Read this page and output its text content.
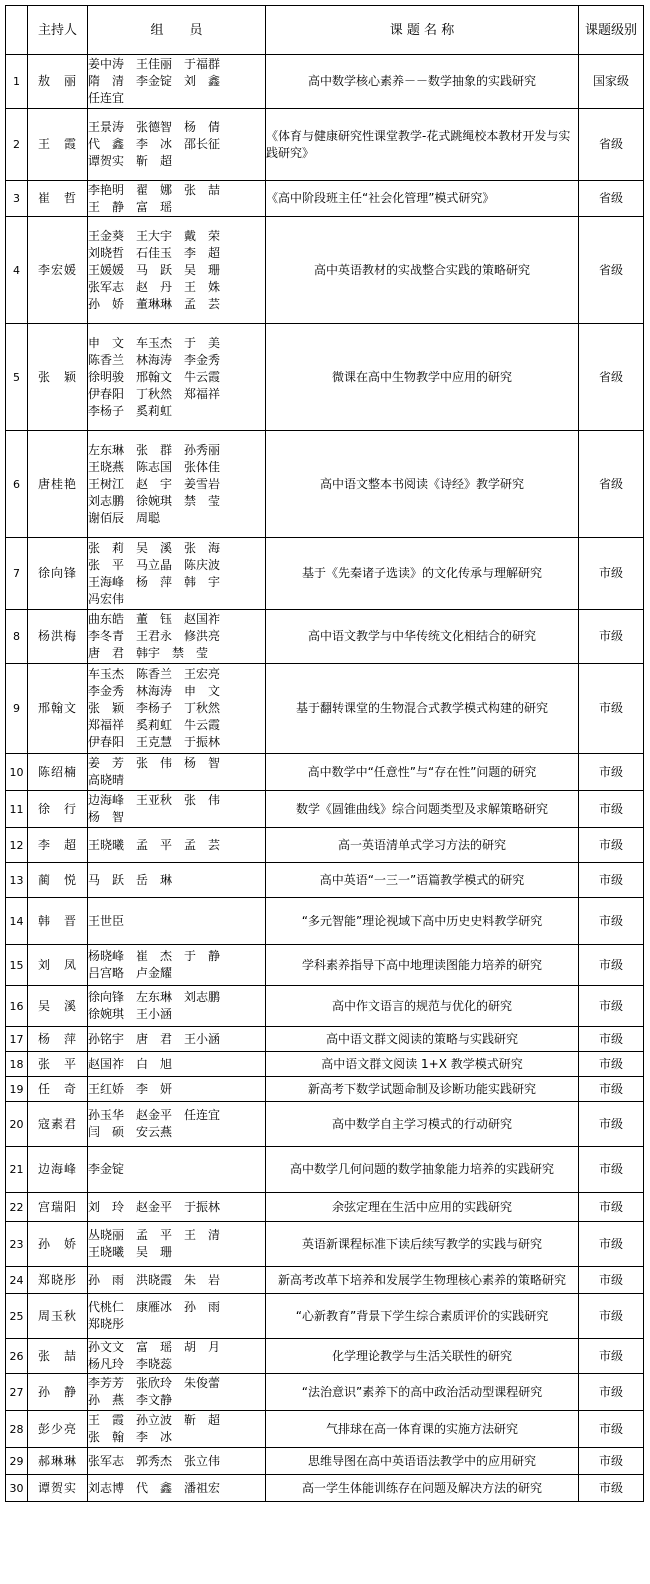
	主持人	组　　员	课 题 名 称	课题级别
1	敖　丽	姜中涛　王佳丽　于福群
隋　清　李金锭　刘　鑫
任连宜	高中数学核心素养－－数学抽象的实践研究	国家级
2	王　霞	王景涛　张德智　杨　倩
代　鑫　李　冰　邵长征
谭贺实　靳　超	《体育与健康研究性课堂教学-花式跳绳校本教材开发与实践研究》	省级
3	崔　哲	李艳明　翟　娜　张　喆
王　静　富　瑶	《高中阶段班主任“社会化管理”模式研究》	省级
4	李宏媛	王金葵　王大宇　戴　荣
刘晓哲　石佳玉　李　超
王媛媛　马　跃　吴　珊
张军志　赵　丹　王　姝
孙　娇　董琳琳　孟　芸	高中英语教材的实战整合实践的策略研究	省级
5	张　颖	申　文　车玉杰　于　美
陈香兰　林海涛　李金秀
徐明骏　邢翰文　牛云霞
伊春阳　丁秋然　郑福祥
李杨子　奚莉虹	微课在高中生物教学中应用的研究	省级
6	唐桂艳	左东琳　张　群　孙秀丽
王晓燕　陈志国　张体佳
王树江　赵　宇　姜雪岩
刘志鹏　徐婉琪　禁　莹
谢佰辰　周聪	高中语文整本书阅读《诗经》教学研究	省级
7	徐向锋	张　莉　吴　溪　张　海
张　平　马立晶　陈庆波
王海峰　杨　萍　韩　宇
冯宏伟	基于《先秦诸子选读》的文化传承与理解研究	市级
8	杨洪梅	曲东皓　董　钰　赵国祚
李冬青　王君永　修洪亮
唐　君　韩宇　禁　莹	高中语文教学与中华传统文化相结合的研究	市级
9	邢翰文	车玉杰　陈香兰　王宏亮
李金秀　林海涛　申　文
张　颖　李杨子　丁秋然
郑福祥　奚莉虹　牛云霞
伊春阳　王克慧　于振林	基于翻转课堂的生物混合式教学模式构建的研究	市级
10	陈绍楠	姜　芳　张　伟　杨　智
高晓晴	高中数学中“任意性”与“存在性”问题的研究	市级
11	徐　行	边海峰　王亚秋　张　伟
杨　智	数学《圆锥曲线》综合问题类型及求解策略研究	市级
12	李　超	王晓曦　孟　平　孟　芸	高一英语清单式学习方法的研究	市级
13	蔺　悦	马　跃　岳　琳	高中英语“一三一”语篇教学模式的研究	市级
14	韩　晋	王世臣	“多元智能”理论视域下高中历史史料教学研究	市级
15	刘　凤	杨晓峰　崔　杰　于　静
吕宫略　卢金耀	学科素养指导下高中地理读图能力培养的研究	市级
16	吴　溪	徐向锋　左东琳　刘志鹏
徐婉琪　王小涵	高中作文语言的规范与优化的研究	市级
17	杨　萍	孙铭宇　唐　君　王小涵	高中语文群文阅读的策略与实践研究	市级
18	张　平	赵国祚　白　旭	高中语文群文阅读 1+X 教学模式研究	市级
19	任　奇	王红娇　李　妍	新高考下数学试题命制及诊断功能实践研究	市级
20	寇素君	孙玉华　赵金平　任连宜
闫　硕　安云燕	高中数学自主学习模式的行动研究	市级
21	边海峰	李金锭	高中数学几何问题的数学抽象能力培养的实践研究	市级
22	宫瑞阳	刘　玲　赵金平　于振林	余弦定理在生活中应用的实践研究	市级
23	孙　娇	丛晓丽　孟　平　王　清
王晓曦　吴　珊	英语新课程标准下读后续写教学的实践与研究	市级
24	郑晓彤	孙　雨　洪晓霞　朱　岩	新高考改革下培养和发展学生物理核心素养的策略研究	市级
25	周玉秋	代桃仁　康雁冰　孙　雨
郑晓彤	“心新教育”背景下学生综合素质评价的实践研究	市级
26	张　喆	孙文文　富　瑶　胡　月
杨凡玲　李晓蕊	化学理论教学与生活关联性的研究	市级
27	孙　静	李芳芳　张欣玲　朱俊蕾
孙　燕　李文静	“法治意识”素养下的高中政治活动型课程研究	市级
28	彭少亮	王　霞　孙立波　靳　超
张　翰　李　冰	气排球在高一体育课的实施方法研究	市级
29	郝琳琳	张军志　郭秀杰　张立伟	思维导图在高中英语语法教学中的应用研究	市级
30	谭贺实	刘志博　代　鑫　潘祖宏	高一学生体能训练存在问题及解决方法的研究	市级
